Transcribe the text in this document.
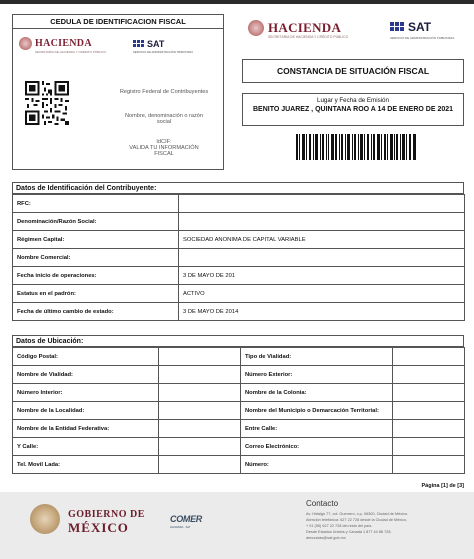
CEDULA DE IDENTIFICACION FISCAL
HACIENDA
SECRETARÍA DE HACIENDA Y CRÉDITO PÚBLICO
SAT
SERVICIO DE ADMINISTRACIÓN TRIBUTARIA
Registro Federal de Contribuyentes
Nombre, denominación o razón
social
IdCIF:
VALIDA TU INFORMACIÓN
FISCAL
HACIENDA
SECRETARÍA DE HACIENDA Y CRÉDITO PÚBLICO
SAT
SERVICIO DE ADMINISTRACIÓN TRIBUTARIA
CONSTANCIA DE SITUACIÓN FISCAL
Lugar y Fecha de Emisión
BENITO JUAREZ , QUINTANA ROO A 14 DE ENERO DE 2021
Datos de Identificación del Contribuyente:
RFC:	
Denominación/Razón Social:	
Régimen Capital:	SOCIEDAD ANONIMA DE CAPITAL VARIABLE
Nombre Comercial:	
Fecha inicio de operaciones:	3 DE MAYO DE 201
Estatus en el padrón:	ACTIVO
Fecha de último cambio de estado:	3 DE MAYO DE 2014
Datos de Ubicación:
Código Postal:		Tipo de Vialidad:	
Nombre de Vialidad:		Número Exterior:	
Número Interior:		Nombre de la Colonia:	
Nombre de la Localidad:		Nombre del Municipio o Demarcación Territorial:	
Nombre de la Entidad Federativa:		Entre Calle:	
Y Calle:		Correo Electrónico:	
Tel. Movil Lada:		Número:	
Página [1] de [3]
GOBIERNO DE
MÉXICO
COMER
HACIENDA · SAT
Contacto
Av. Hidalgo 77, col. Guerrero, c.p. 06300, Ciudad de México.
Atención telefónica: 627 22 728 desde la Ciudad de México,
+ 01 (55) 627 22 728 del resto del país.
Desde Estados Unidos y Canadá 1 877 44 88 728.
denuncias@sat.gob.mx
